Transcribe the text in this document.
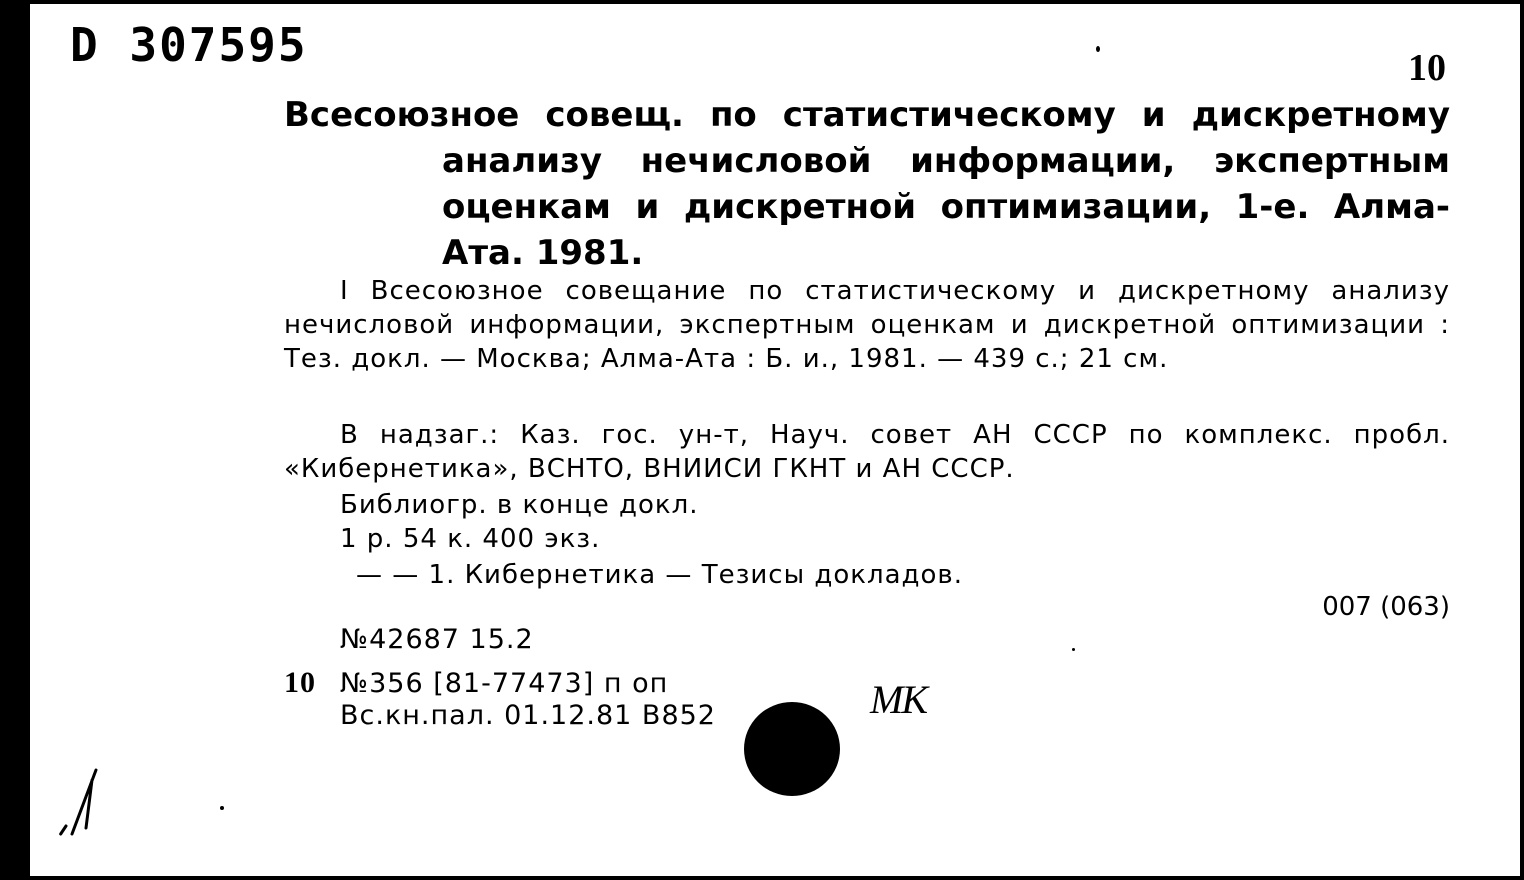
D 307595	10
Всесоюзное совещ. по статистическому и дискретному
анализу нечисловой информации, экспертным оценкам и дискретной оптимизации, 1-е. Алма-Ата. 1981.

I Всесоюзное совещание по статистическому и дискретному анализу нечисловой информации, экспертным оценкам и дискретной оптимизации : Тез. докл. — Москва; Алма-Ата : Б. и., 1981. — 439 с.; 21 см.

В надзаг.: Каз. гос. ун-т, Науч. совет АН СССР по комплекс. пробл. «Кибернетика», ВСНТО, ВНИИСИ ГКНТ и АН СССР.

Библиогр. в конце докл.

1 р. 54 к. 400 экз.

— — 1. Кибернетика — Тезисы докладов.

007 (063)
№42687 15.2
10 №356 [81-77473] п оп
Вс.кн.пал. 01.12.81 В852	МК
